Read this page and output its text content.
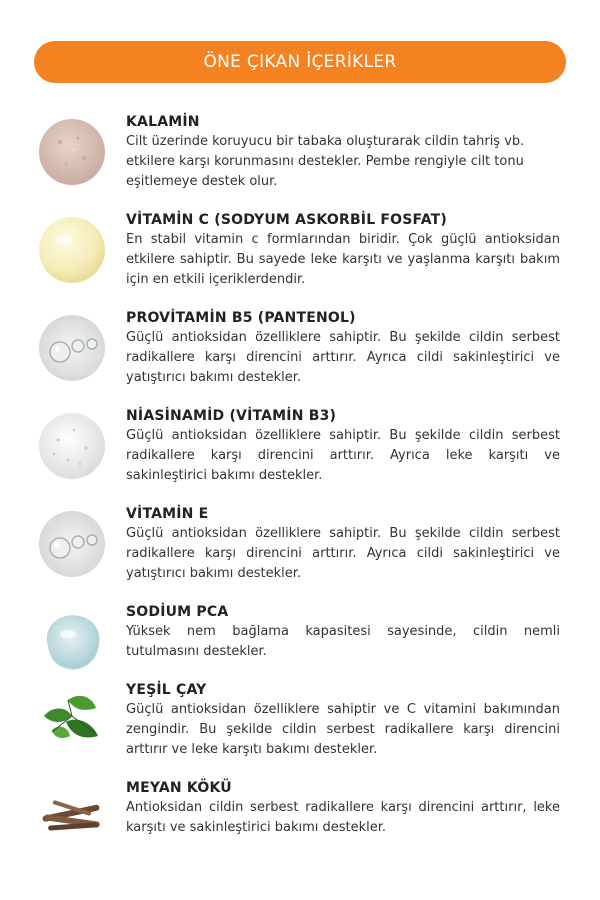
ÖNE ÇIKAN İÇERİKLER
KALAMİN
Cilt üzerinde koruyucu bir tabaka oluşturarak cildin tahriş vb. etkilere karşı korunmasını destekler. Pembe rengiyle cilt tonu eşitlemeye destek olur.
VİTAMİN C (SODYUM ASKORBİL FOSFAT)
En stabil vitamin c formlarından biridir. Çok güçlü antioksidan etkilere sahiptir. Bu sayede leke karşıtı ve yaşlanma karşıtı bakım için en etkili içeriklerdendir.
PROVİTAMİN B5 (PANTENOL)
Güçlü antioksidan özelliklere sahiptir. Bu şekilde cildin serbest radikallere karşı direncini arttırır. Ayrıca cildi sakinleştirici ve yatıştırıcı bakımı destekler.
NİASİNAMİD (VİTAMİN B3)
Güçlü antioksidan özelliklere sahiptir. Bu şekilde cildin serbest radikallere karşı direncini arttırır. Ayrıca leke karşıtı ve sakinleştirici bakımı destekler.
VİTAMİN E
Güçlü antioksidan özelliklere sahiptir. Bu şekilde cildin serbest radikallere karşı direncini arttırır. Ayrıca cildi sakinleştirici ve yatıştırıcı bakımı destekler.
SODİUM PCA
Yüksek nem bağlama kapasitesi sayesinde, cildin nemli tutulmasını destekler.
YEŞİL ÇAY
Güçlü antioksidan özelliklere sahiptir ve C vitamini bakımından zengindir. Bu şekilde cildin serbest radikallere karşı direncini arttırır ve leke karşıtı bakımı destekler.
MEYAN KÖKÜ
Antioksidan cildin serbest radikallere karşı direncini arttırır, leke karşıtı ve sakinleştirici bakımı destekler.
